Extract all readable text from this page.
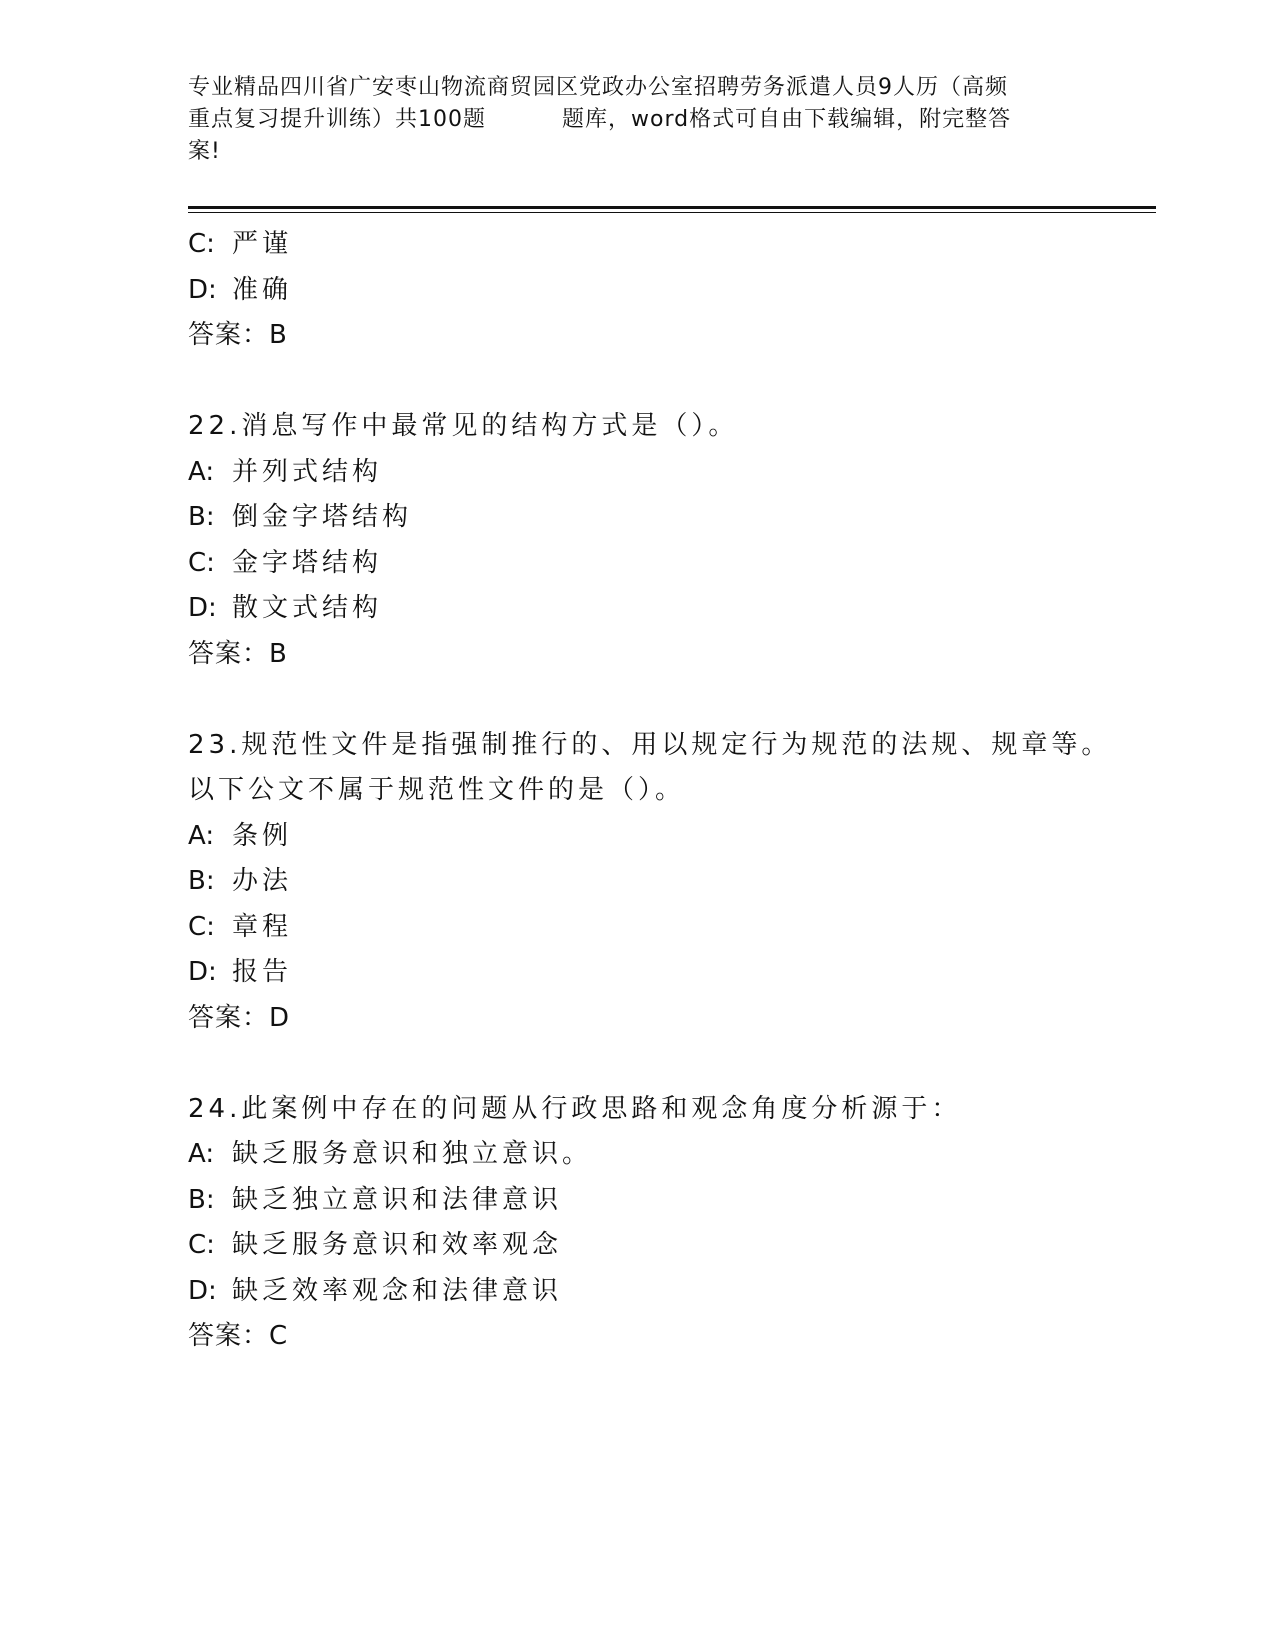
专业精品四川省广安枣山物流商贸园区党政办公室招聘劳务派遣人员9人历（高频
重点复习提升训练）共100题	题库，word格式可自由下载编辑，附完整答
案!
C: 严谨
D: 准确
答案：B
22.消息写作中最常见的结构方式是（）。
A: 并列式结构
B: 倒金字塔结构
C: 金字塔结构
D: 散文式结构
答案：B
23.规范性文件是指强制推行的、用以规定行为规范的法规、规章等。
以下公文不属于规范性文件的是（）。
A: 条例
B: 办法
C: 章程
D: 报告
答案：D
24.此案例中存在的问题从行政思路和观念角度分析源于：
A: 缺乏服务意识和独立意识。
B: 缺乏独立意识和法律意识
C: 缺乏服务意识和效率观念
D: 缺乏效率观念和法律意识
答案：C
